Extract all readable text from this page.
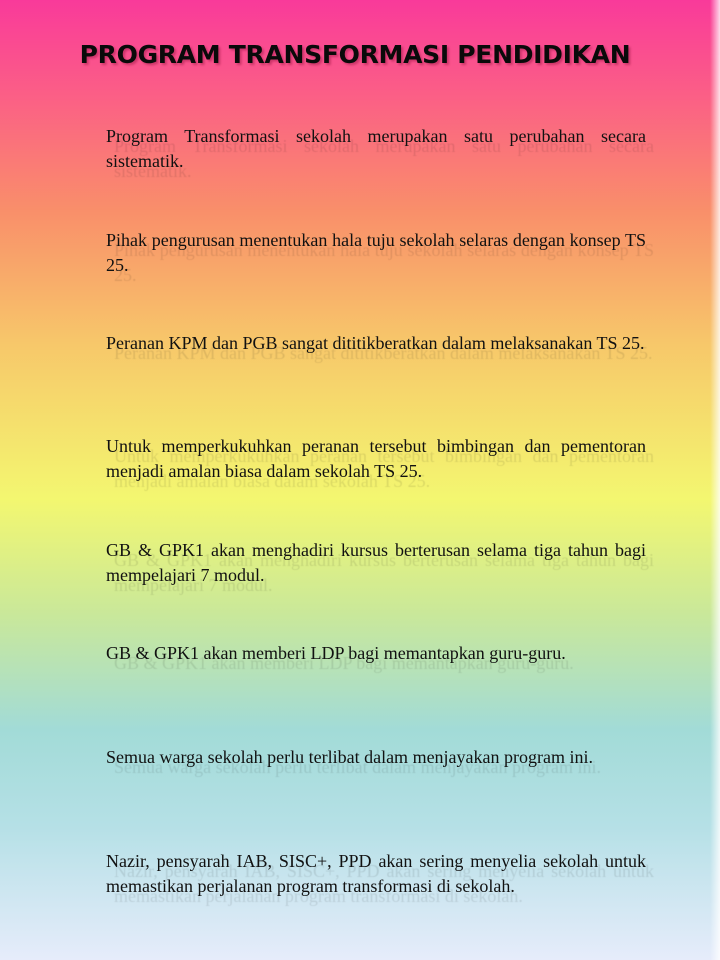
PROGRAM TRANSFORMASI PENDIDIKAN
Program Transformasi sekolah merupakan satu perubahan secara sistematik.
Pihak pengurusan menentukan hala tuju sekolah selaras dengan konsep TS 25.
Peranan KPM dan PGB sangat dititikberatkan dalam melaksanakan TS 25.
Untuk memperkukuhkan peranan tersebut bimbingan dan pementoran menjadi amalan biasa dalam sekolah TS 25.
GB & GPK1 akan menghadiri kursus berterusan selama tiga tahun bagi mempelajari 7 modul.
GB & GPK1 akan memberi LDP bagi memantapkan guru-guru.
Semua warga sekolah perlu terlibat dalam menjayakan program ini.
Nazir, pensyarah IAB, SISC+, PPD akan sering menyelia sekolah untuk memastikan perjalanan program transformasi di sekolah.
